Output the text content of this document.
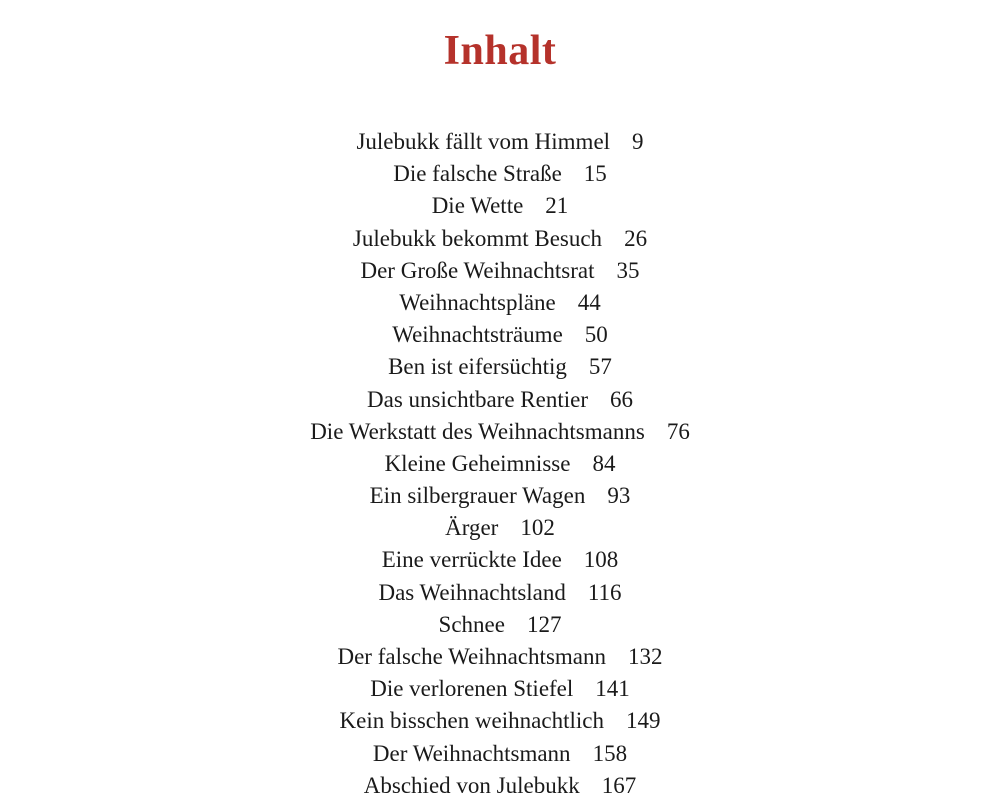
Inhalt
Julebukk fällt vom Himmel 9
Die falsche Straße 15
Die Wette 21
Julebukk bekommt Besuch 26
Der Große Weihnachtsrat 35
Weihnachtspläne 44
Weihnachtsträume 50
Ben ist eifersüchtig 57
Das unsichtbare Rentier 66
Die Werkstatt des Weihnachtsmanns 76
Kleine Geheimnisse 84
Ein silbergrauer Wagen 93
Ärger 102
Eine verrückte Idee 108
Das Weihnachtsland 116
Schnee 127
Der falsche Weihnachtsmann 132
Die verlorenen Stiefel 141
Kein bisschen weihnachtlich 149
Der Weihnachtsmann 158
Abschied von Julebukk 167
